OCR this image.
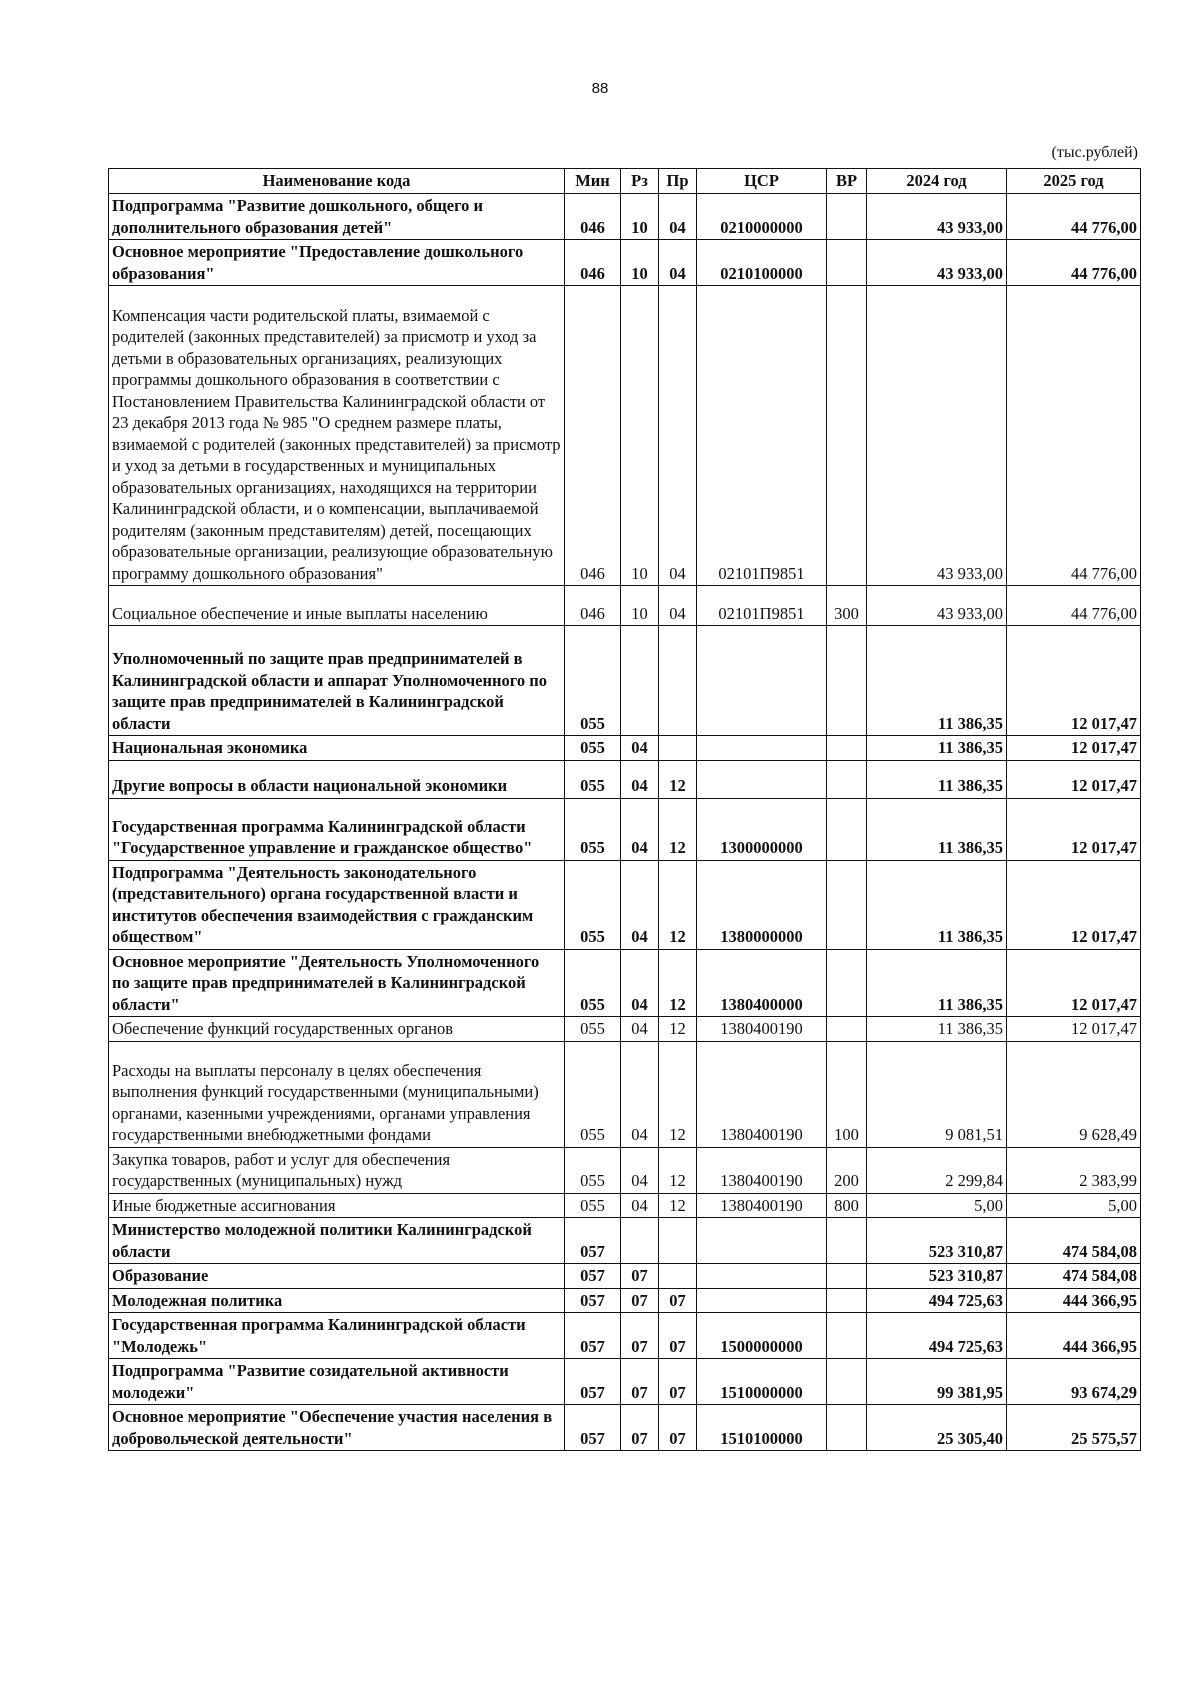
88
(тыс.рублей)
Наименование кода	Мин	Рз	Пр	ЦСР	ВР	2024 год	2025 год
Подпрограмма "Развитие дошкольного, общего и дополнительного образования детей"	046	10	04	0210000000		43 933,00	44 776,00
Основное мероприятие "Предоставление дошкольного образования"	046	10	04	0210100000		43 933,00	44 776,00
Компенсация части родительской платы, взимаемой с родителей (законных представителей) за присмотр и уход за детьми в образовательных организациях, реализующих программы дошкольного образования в соответствии с Постановлением Правительства Калининградской области от 23 декабря 2013 года № 985 "О среднем размере платы, взимаемой с родителей (законных представителей) за присмотр и уход за детьми в государственных и муниципальных образовательных организациях, находящихся на территории Калининградской области, и о компенсации, выплачиваемой родителям (законным представителям) детей, посещающих образовательные организации, реализующие образовательную программу дошкольного образования"	046	10	04	02101П9851		43 933,00	44 776,00
Социальное обеспечение и иные выплаты населению	046	10	04	02101П9851	300	43 933,00	44 776,00
Уполномоченный по защите прав предпринимателей в Калининградской области и аппарат Уполномоченного по защите прав предпринимателей в Калининградской области	055					11 386,35	12 017,47
Национальная экономика	055	04				11 386,35	12 017,47
Другие вопросы в области национальной экономики	055	04	12			11 386,35	12 017,47
Государственная программа Калининградской области "Государственное управление и гражданское общество"	055	04	12	1300000000		11 386,35	12 017,47
Подпрограмма "Деятельность законодательного (представительного) органа государственной власти и институтов обеспечения взаимодействия с гражданским обществом"	055	04	12	1380000000		11 386,35	12 017,47
Основное мероприятие "Деятельность Уполномоченного по защите прав предпринимателей в Калининградской области"	055	04	12	1380400000		11 386,35	12 017,47
Обеспечение функций государственных органов	055	04	12	1380400190		11 386,35	12 017,47
Расходы на выплаты персоналу в целях обеспечения выполнения функций государственными (муниципальными) органами, казенными учреждениями, органами управления государственными внебюджетными фондами	055	04	12	1380400190	100	9 081,51	9 628,49
Закупка товаров, работ и услуг для обеспечения государственных (муниципальных) нужд	055	04	12	1380400190	200	2 299,84	2 383,99
Иные бюджетные ассигнования	055	04	12	1380400190	800	5,00	5,00
Министерство молодежной политики Калининградской области	057					523 310,87	474 584,08
Образование	057	07				523 310,87	474 584,08
Молодежная политика	057	07	07			494 725,63	444 366,95
Государственная программа Калининградской области "Молодежь"	057	07	07	1500000000		494 725,63	444 366,95
Подпрограмма "Развитие созидательной активности молодежи"	057	07	07	1510000000		99 381,95	93 674,29
Основное мероприятие "Обеспечение участия населения в добровольческой деятельности"	057	07	07	1510100000		25 305,40	25 575,57
